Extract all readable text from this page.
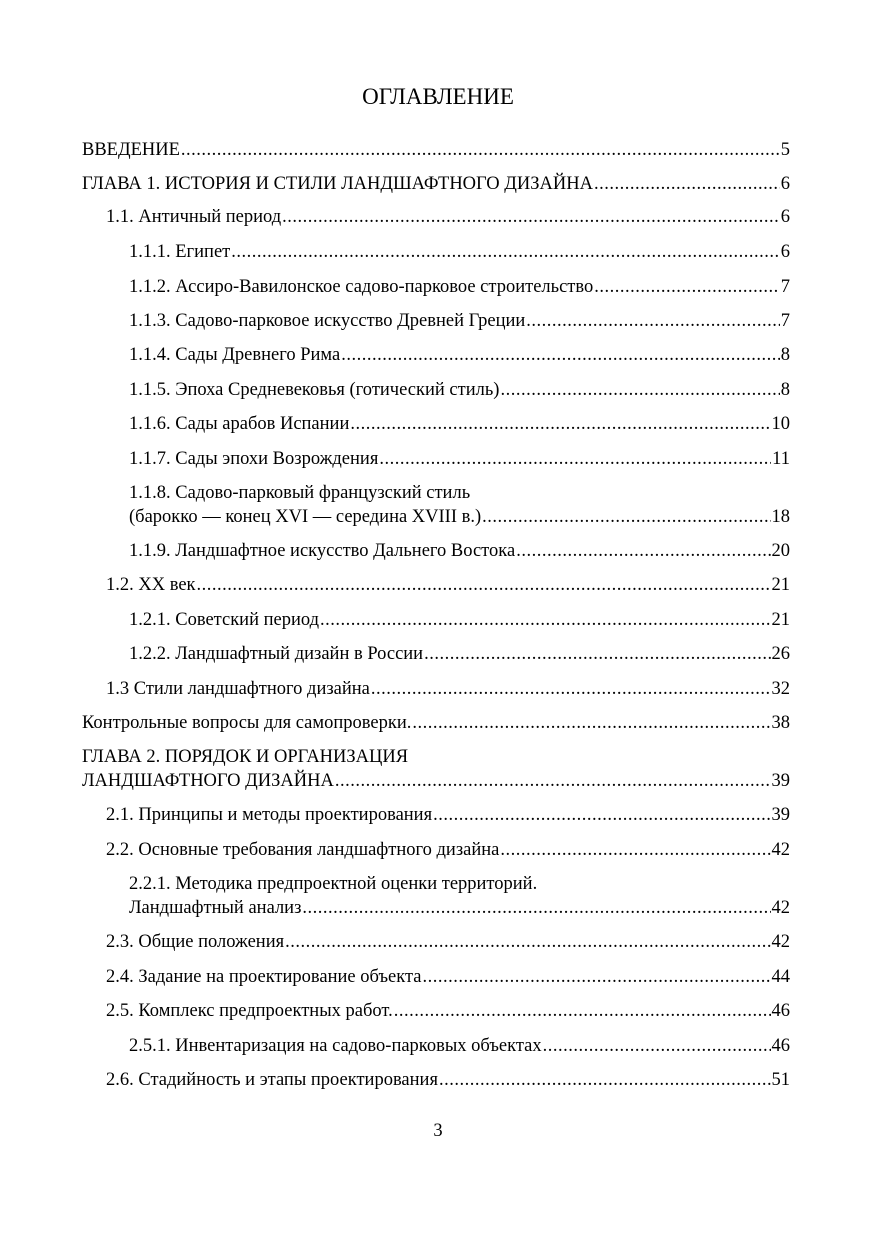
ОГЛАВЛЕНИЕ
ВВЕДЕНИЕ .....	5
ГЛАВА 1. ИСТОРИЯ И СТИЛИ ЛАНДШАФТНОГО ДИЗАЙНА .....	6
1.1. Античный период .....	6
1.1.1. Египет .....	6
1.1.2. Ассиро-Вавилонское садово-парковое строительство .....	7
1.1.3. Садово-парковое искусство Древней Греции .....	7
1.1.4. Сады Древнего Рима .....	8
1.1.5. Эпоха Средневековья (готический стиль) .....	8
1.1.6. Сады арабов Испании .....	10
1.1.7. Сады эпохи Возрождения .....	11
1.1.8. Садово-парковый французский стиль
(барокко — конец XVI — середина XVIII в.) .....	18
1.1.9. Ландшафтное искусство Дальнего Востока .....	20
1.2. XX век .....	21
1.2.1. Советский период .....	21
1.2.2. Ландшафтный дизайн в России .....	26
1.3 Стили ландшафтного дизайна .....	32
Контрольные вопросы для самопроверки. .....	38
ГЛАВА 2. ПОРЯДОК И ОРГАНИЗАЦИЯ
ЛАНДШАФТНОГО ДИЗАЙНА .....	39
2.1. Принципы и методы проектирования .....	39
2.2. Основные требования ландшафтного дизайна .....	42
2.2.1. Методика предпроектной оценки территорий.
Ландшафтный анализ .....	42
2.3. Общие положения .....	42
2.4. Задание на проектирование объекта .....	44
2.5. Комплекс предпроектных работ. .....	46
2.5.1. Инвентаризация на садово-парковых объектах .....	46
2.6. Стадийность и этапы проектирования .....	51
3
